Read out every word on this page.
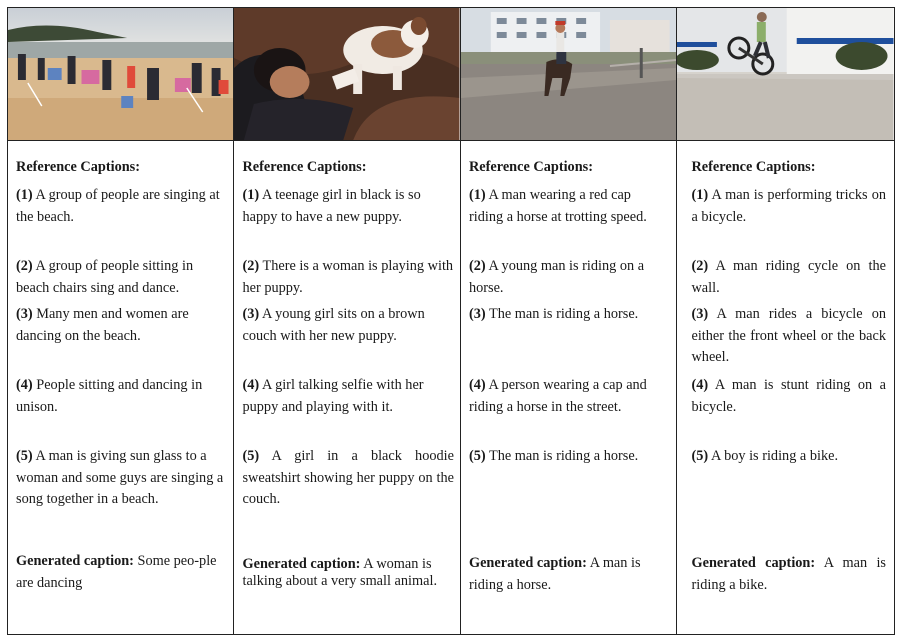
Reference Captions:
(1) A group of people are singing at the beach.
(2) A group of people sitting in beach chairs sing and dance.
(3) Many men and women are dancing on the beach.
(4) People sitting and dancing in unison.
(5) A man is giving sun glass to a woman and some guys are singing a song together in a beach.
Generated caption: Some peo-ple are dancing
Reference Captions:
(1) A teenage girl in black is so happy to have a new puppy.
(2) There is a woman is playing with her puppy.
(3) A young girl sits on a brown couch with her new puppy.
(4) A girl talking selfie with her puppy and playing with it.
(5) A girl in a black hoodie sweatshirt showing her puppy on the couch.
Generated caption: A woman is talking about a very small animal.
Reference Captions:
(1) A man wearing a red cap riding a horse at trotting speed.
(2) A young man is riding on a horse.
(3) The man is riding a horse.
(4) A person wearing a cap and riding a horse in the street.
(5) The man is riding a horse.
Generated caption: A man is riding a horse.
Reference Captions:
(1) A man is performing tricks on a bicycle.
(2) A man riding cycle on the wall.
(3) A man rides a bicycle on either the front wheel or the back wheel.
(4) A man is stunt riding on a bicycle.
(5) A boy is riding a bike.
Generated caption: A man is riding a bike.
